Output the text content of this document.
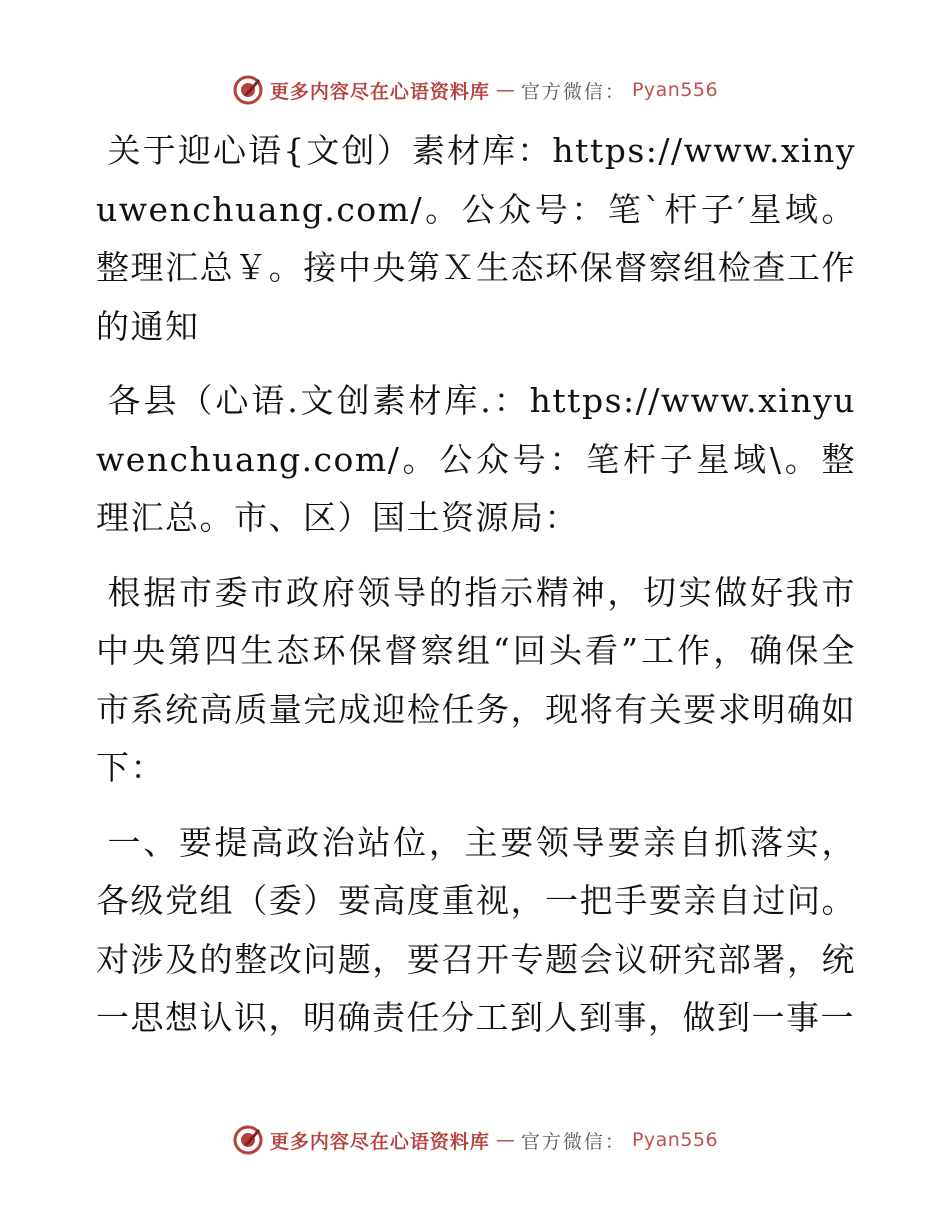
更多内容尽在心语资料库 — 官方微信： Pyan556

关于迎心语{文创）素材库：https://www.xinyuwenchuang.com/。公众号：笔`杆子′星域。整理汇总￥。接中央第Ｘ生态环保督察组检查工作的通知

各县（心语.文创素材库.：https://www.xinyuwenchuang.com/。公众号：笔杆子星域\。整理汇总。市、区）国土资源局：

根据市委市政府领导的指示精神，切实做好我市中央第四生态环保督察组“回头看”工作，确保全市系统高质量完成迎检任务，现将有关要求明确如下：

一、要提高政治站位，主要领导要亲自抓落实，各级党组（委）要高度重视，一把手要亲自过问。对涉及的整改问题，要召开专题会议研究部署，统一思想认识，明确责任分工到人到事，做到一事一

更多内容尽在心语资料库 — 官方微信： Pyan556
